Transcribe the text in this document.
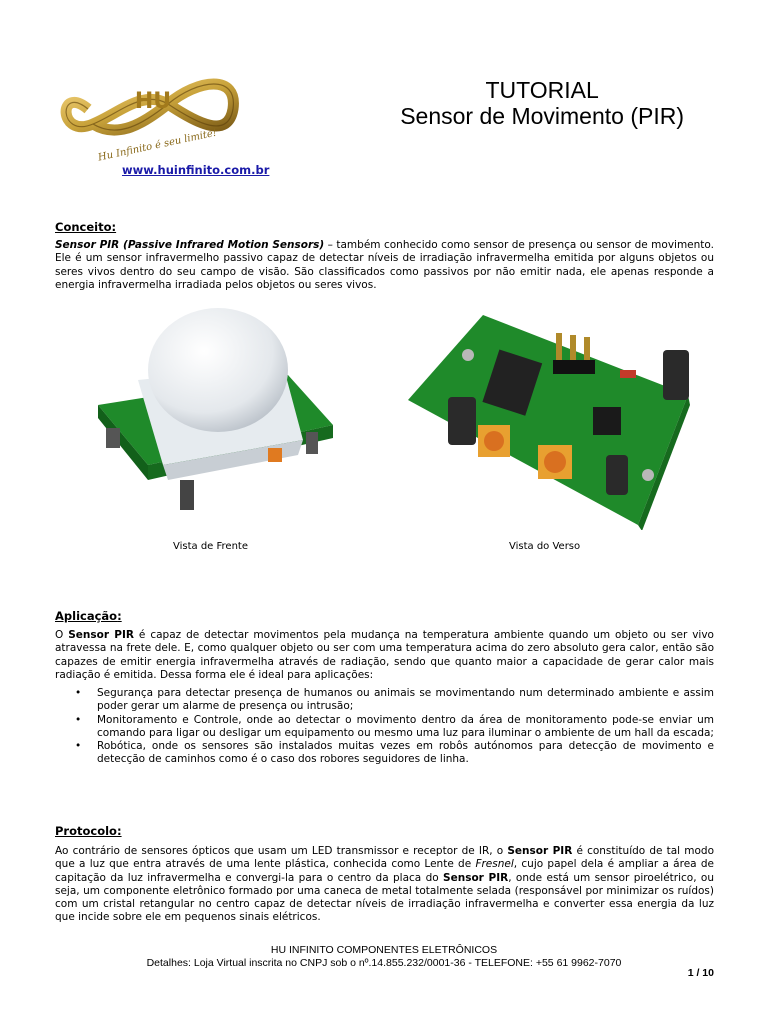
HU
Hu Infinito é seu limite!
www.huinfinito.com.br
TUTORIAL
Sensor de Movimento (PIR)
Conceito:
Sensor PIR (Passive Infrared Motion Sensors) – também conhecido como sensor de presença ou sensor de movimento. Ele é um sensor infravermelho passivo capaz de detectar níveis de irradiação infravermelha emitida por alguns objetos ou seres vivos dentro do seu campo de visão. São classificados como passivos por não emitir nada, ele apenas responde a energia infravermelha irradiada pelos objetos ou seres vivos.
Vista de Frente	Vista do Verso
Aplicação:
O Sensor PIR é capaz de detectar movimentos pela mudança na temperatura ambiente quando um objeto ou ser vivo atravessa na frete dele. E, como qualquer objeto ou ser com uma temperatura acima do zero absoluto gera calor, então são capazes de emitir energia infravermelha através de radiação, sendo que quanto maior a capacidade de gerar calor mais radiação é emitida. Dessa forma ele é ideal para aplicações:
• Segurança para detectar presença de humanos ou animais se movimentando num determinado ambiente e assim poder gerar um alarme de presença ou intrusão;
• Monitoramento e Controle, onde ao detectar o movimento dentro da área de monitoramento pode-se enviar um comando para ligar ou desligar um equipamento ou mesmo uma luz para iluminar o ambiente de um hall da escada;
• Robótica, onde os sensores são instalados muitas vezes em robôs autónomos para detecção de movimento e detecção de caminhos como é o caso dos robores seguidores de linha.
Protocolo:
Ao contrário de sensores ópticos que usam um LED transmissor e receptor de IR, o Sensor PIR é constituído de tal modo que a luz que entra através de uma lente plástica, conhecida como Lente de Fresnel, cujo papel dela é ampliar a área de capitação da luz infravermelha e convergi-la para o centro da placa do Sensor PIR, onde está um sensor piroelétrico, ou seja, um componente eletrônico formado por uma caneca de metal totalmente selada (responsável por minimizar os ruídos) com um cristal retangular no centro capaz de detectar níveis de irradiação infravermelha e converter essa energia da luz que incide sobre ele em pequenos sinais elétricos.
HU INFINITO COMPONENTES ELETRÔNICOS
Detalhes: Loja Virtual inscrita no CNPJ sob o nº.14.855.232/0001-36 - TELEFONE: +55 61 9962-7070
1 / 10
